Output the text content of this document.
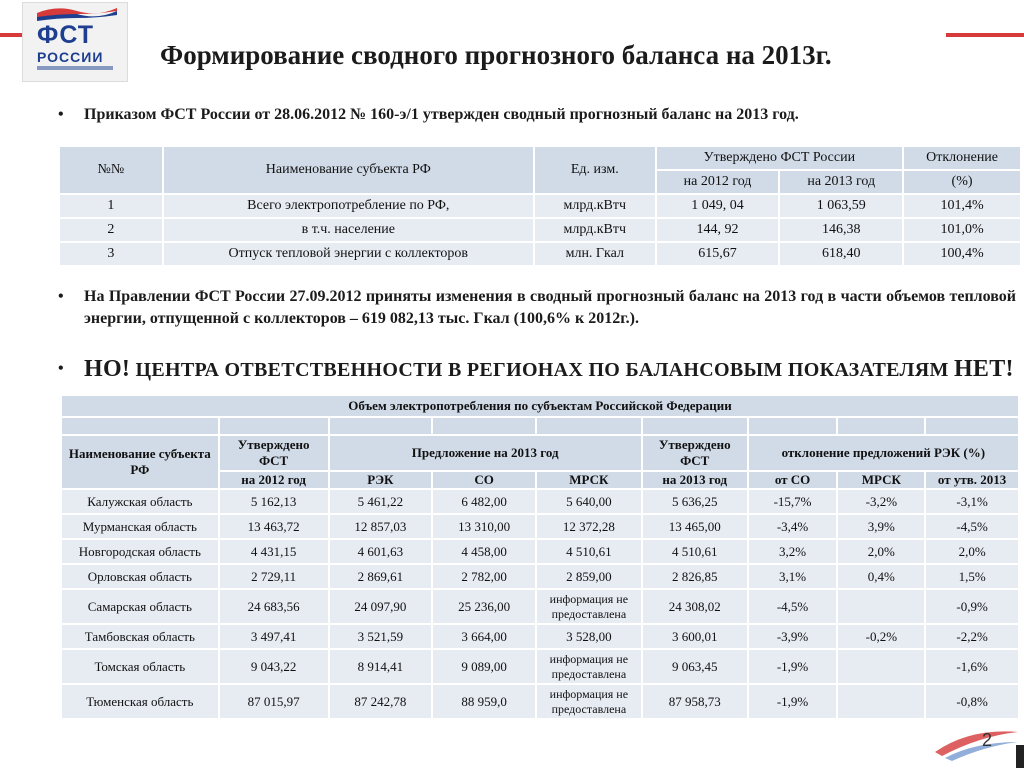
ФСТ
РОССИИ Формирование сводного прогнозного баланса на 2013г.
• Приказом ФСТ России от 28.06.2012 № 160-э/1 утвержден сводный прогнозный баланс на 2013 год.
№№	Наименование субъекта РФ	Ед. изм.	Утверждено ФСТ России		Отклонение
			на 2012 год	на 2013 год	(%)
1	Всего электропотребление по РФ,	млрд.кВтч	1 049, 04	1 063,59	101,4%
2	в т.ч. население	млрд.кВтч	144, 92	146,38	101,0%
3	Отпуск тепловой энергии с коллекторов	млн. Гкал	615,67	618,40	100,4%
• На Правлении ФСТ России 27.09.2012 приняты изменения в сводный прогнозный баланс на 2013 год в части объемов тепловой энергии, отпущенной с коллекторов – 619 082,13 тыс. Гкал (100,6% к 2012г.).
• НО! ЦЕНТРА ОТВЕТСТВЕННОСТИ В РЕГИОНАХ ПО БАЛАНСОВЫМ ПОКАЗАТЕЛЯМ НЕТ!
Объем электропотребления по субъектам Российской Федерации								

Наименование субъекта РФ	Утверждено ФСТ	Предложение на 2013 год			Утверждено ФСТ	отклонение предложений РЭК (%)		
	на 2012 год	РЭК	СО	МРСК	на 2013 год	от СО	МРСК	от утв. 2013
Калужская область	5 162,13	5 461,22	6 482,00	5 640,00	5 636,25	-15,7%	-3,2%	-3,1%
Мурманская область	13 463,72	12 857,03	13 310,00	12 372,28	13 465,00	-3,4%	3,9%	-4,5%
Новгородская область	4 431,15	4 601,63	4 458,00	4 510,61	4 510,61	3,2%	2,0%	2,0%
Орловская область	2 729,11	2 869,61	2 782,00	2 859,00	2 826,85	3,1%	0,4%	1,5%
Самарская область	24 683,56	24 097,90	25 236,00	информация не предоставлена	24 308,02	-4,5%		-0,9%
Тамбовская область	3 497,41	3 521,59	3 664,00	3 528,00	3 600,01	-3,9%	-0,2%	-2,2%
Томская область	9 043,22	8 914,41	9 089,00	информация не предоставлена	9 063,45	-1,9%		-1,6%
Тюменская область	87 015,97	87 242,78	88 959,0	информация не предоставлена	87 958,73	-1,9%		-0,8%
2
